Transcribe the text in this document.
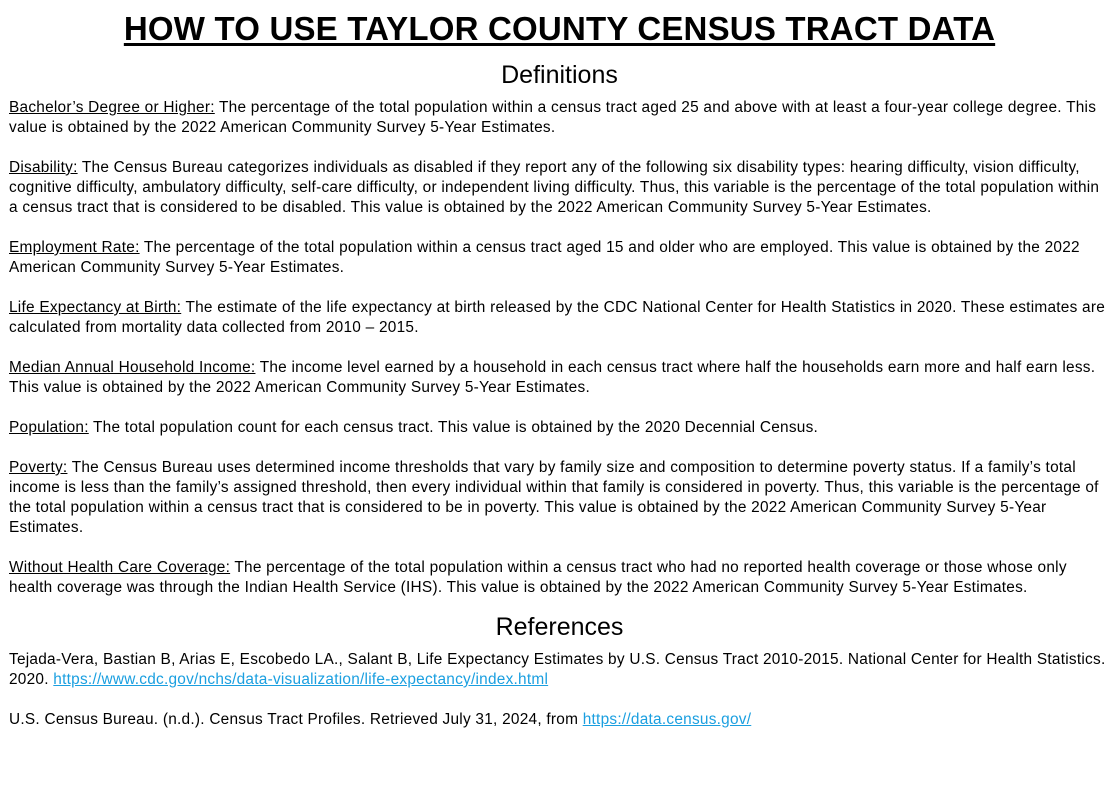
HOW TO USE TAYLOR COUNTY CENSUS TRACT DATA
Definitions

Bachelor’s Degree or Higher: The percentage of the total population within a census tract aged 25 and above with at least a four-year college degree. This value is obtained by the 2022 American Community Survey 5-Year Estimates.

Disability: The Census Bureau categorizes individuals as disabled if they report any of the following six disability types: hearing difficulty, vision difficulty, cognitive difficulty, ambulatory difficulty, self-care difficulty, or independent living difficulty. Thus, this variable is the percentage of the total population within a census tract that is considered to be disabled. This value is obtained by the 2022 American Community Survey 5-Year Estimates.

Employment Rate: The percentage of the total population within a census tract aged 15 and older who are employed. This value is obtained by the 2022 American Community Survey 5-Year Estimates.

Life Expectancy at Birth: The estimate of the life expectancy at birth released by the CDC National Center for Health Statistics in 2020. These estimates are calculated from mortality data collected from 2010 – 2015.

Median Annual Household Income: The income level earned by a household in each census tract where half the households earn more and half earn less. This value is obtained by the 2022 American Community Survey 5-Year Estimates.

Population: The total population count for each census tract. This value is obtained by the 2020 Decennial Census.

Poverty: The Census Bureau uses determined income thresholds that vary by family size and composition to determine poverty status. If a family’s total income is less than the family’s assigned threshold, then every individual within that family is considered in poverty. Thus, this variable is the percentage of the total population within a census tract that is considered to be in poverty. This value is obtained by the 2022 American Community Survey 5-Year Estimates.

Without Health Care Coverage: The percentage of the total population within a census tract who had no reported health coverage or those whose only health coverage was through the Indian Health Service (IHS). This value is obtained by the 2022 American Community Survey 5-Year Estimates.

References

Tejada-Vera, Bastian B, Arias E, Escobedo LA., Salant B, Life Expectancy Estimates by U.S. Census Tract 2010-2015. National Center for Health Statistics. 2020. https://www.cdc.gov/nchs/data-visualization/life-expectancy/index.html

U.S. Census Bureau. (n.d.). Census Tract Profiles. Retrieved July 31, 2024, from https://data.census.gov/
